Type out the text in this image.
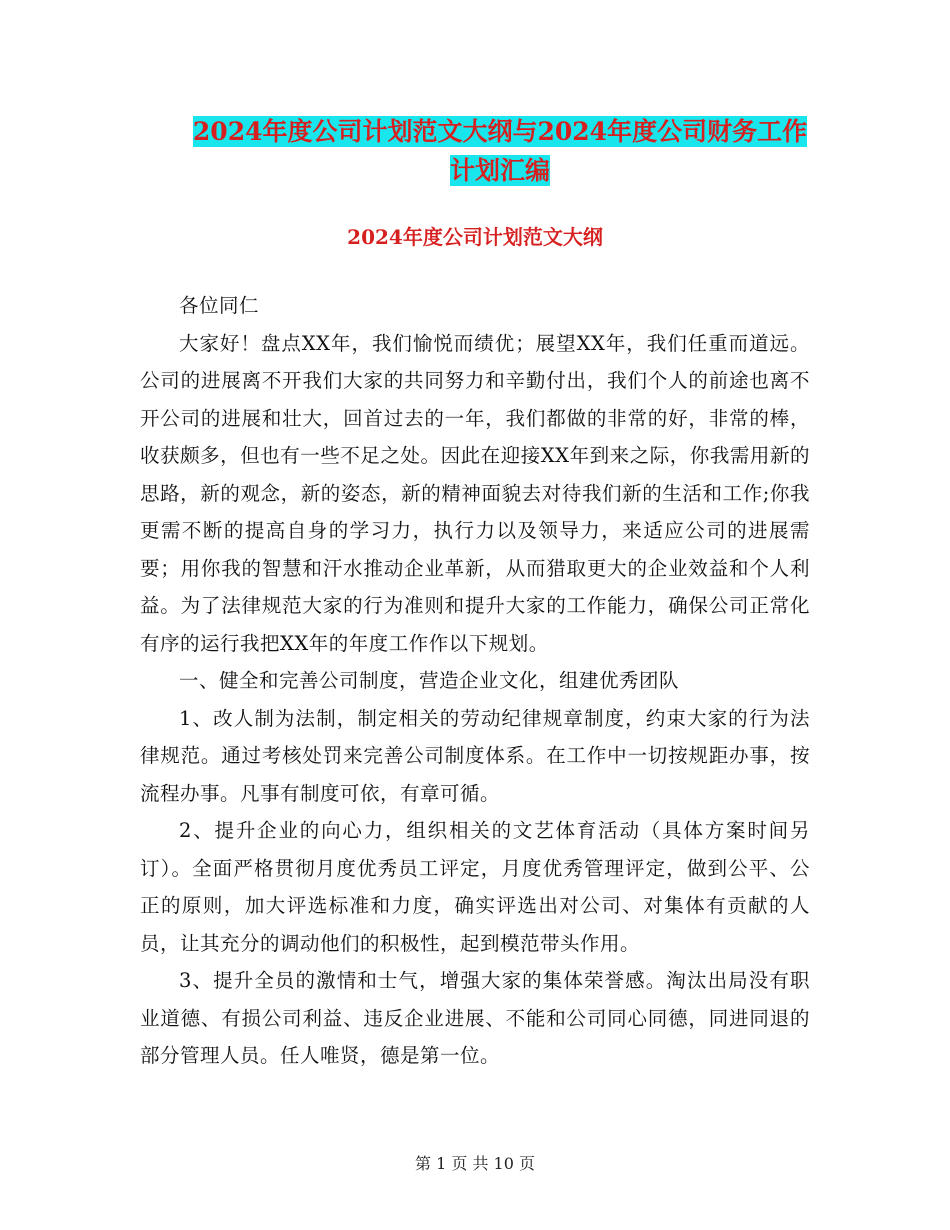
2024年度公司计划范文大纲与2024年度公司财务工作
计划汇编
2024年度公司计划范文大纲

各位同仁

大家好！盘点XX年，我们愉悦而绩优；展望XX年，我们任重而道远。公司的进展离不开我们大家的共同努力和辛勤付出，我们个人的前途也离不开公司的进展和壮大，回首过去的一年，我们都做的非常的好，非常的棒，收获颇多，但也有一些不足之处。因此在迎接XX年到来之际，你我需用新的思路，新的观念，新的姿态，新的精神面貌去对待我们新的生活和工作;你我更需不断的提高自身的学习力，执行力以及领导力，来适应公司的进展需要；用你我的智慧和汗水推动企业革新，从而猎取更大的企业效益和个人利益。为了法律规范大家的行为准则和提升大家的工作能力，确保公司正常化有序的运行我把XX年的年度工作作以下规划。

一、健全和完善公司制度，营造企业文化，组建优秀团队

1、改人制为法制，制定相关的劳动纪律规章制度，约束大家的行为法律规范。通过考核处罚来完善公司制度体系。在工作中一切按规距办事，按流程办事。凡事有制度可依，有章可循。

2、提升企业的向心力，组织相关的文艺体育活动（具体方案时间另订）。全面严格贯彻月度优秀员工评定，月度优秀管理评定，做到公平、公正的原则，加大评选标准和力度，确实评选出对公司、对集体有贡献的人员，让其充分的调动他们的积极性，起到模范带头作用。

3、提升全员的激情和士气，增强大家的集体荣誉感。淘汰出局没有职业道德、有损公司利益、违反企业进展、不能和公司同心同德，同进同退的部分管理人员。任人唯贤，德是第一位。

第 1 页 共 10 页
